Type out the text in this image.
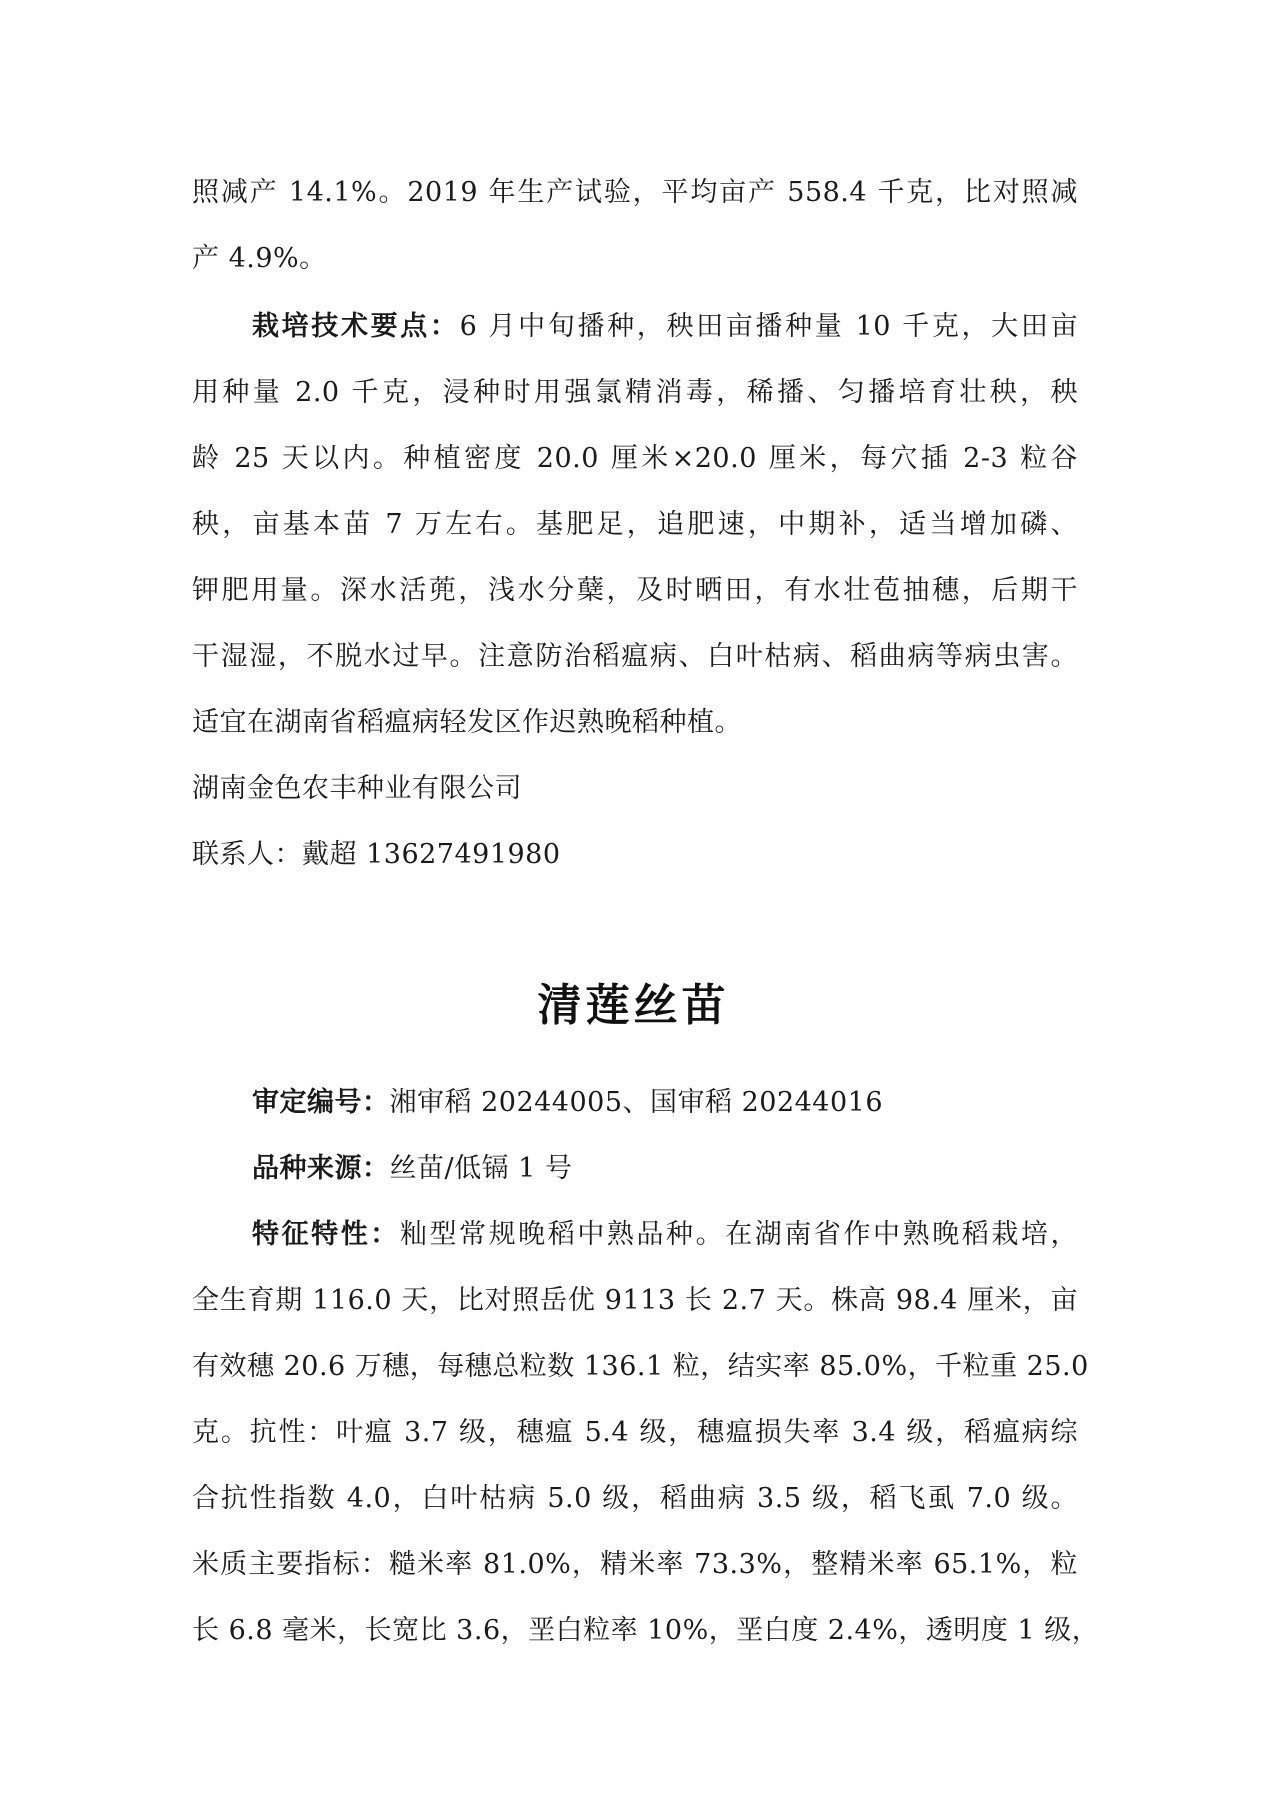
照减产 14.1%。2019 年生产试验，平均亩产 558.4 千克，比对照减
产 4.9%。
栽培技术要点：6 月中旬播种，秧田亩播种量 10 千克，大田亩
用种量 2.0 千克，浸种时用强氯精消毒，稀播、匀播培育壮秧，秧
龄 25 天以内。种植密度 20.0 厘米×20.0 厘米，每穴插 2-3 粒谷
秧，亩基本苗 7 万左右。基肥足，追肥速，中期补，适当增加磷、
钾肥用量。深水活蔸，浅水分蘖，及时晒田，有水壮苞抽穗，后期干
干湿湿，不脱水过早。注意防治稻瘟病、白叶枯病、稻曲病等病虫害。
适宜在湖南省稻瘟病轻发区作迟熟晚稻种植。
湖南金色农丰种业有限公司
联系人：戴超 13627491980
清莲丝苗
审定编号：湘审稻 20244005、国审稻 20244016
品种来源：丝苗/低镉 1 号
特征特性：籼型常规晚稻中熟品种。在湖南省作中熟晚稻栽培，
全生育期 116.0 天，比对照岳优 9113 长 2.7 天。株高 98.4 厘米，亩
有效穗 20.6 万穗，每穗总粒数 136.1 粒，结实率 85.0%，千粒重 25.0
克。抗性：叶瘟 3.7 级，穗瘟 5.4 级，穗瘟损失率 3.4 级，稻瘟病综
合抗性指数 4.0，白叶枯病 5.0 级，稻曲病 3.5 级，稻飞虱 7.0 级。
米质主要指标：糙米率 81.0%，精米率 73.3%，整精米率 65.1%，粒
长 6.8 毫米，长宽比 3.6，垩白粒率 10%，垩白度 2.4%，透明度 1 级，
